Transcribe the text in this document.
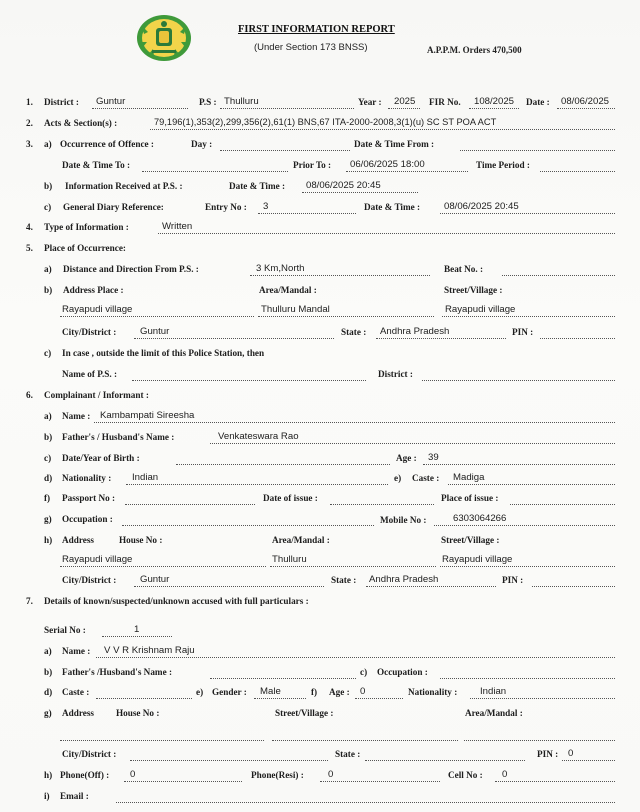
FIRST INFORMATION REPORT
(Under Section 173 BNSS)	A.P.P.M. Orders 470,500
1. District : Guntur	P.S : Thulluru	Year : 2025 FIR No. 108/2025 Date : 08/06/2025
2. Acts & Section(s) :	79,196(1),353(2),299,356(2),61(1) BNS,67 ITA-2000-2008,3(1)(u) SC ST POA ACT
3. a) Occurrence of Offence :	Day :	Date & Time From :
Date & Time To :	Prior To : 06/06/2025 18:00	Time Period :
b) Information Received at P.S. :	Date & Time : 08/06/2025 20:45
c) General Diary Reference:	Entry No : 3	Date & Time : 08/06/2025 20:45
4. Type of Information :	Written
5. Place of Occurrence:
a) Distance and Direction From P.S. :	3 Km,North	Beat No. :
b) Address Place :	Area/Mandal :	Street/Village :
Rayapudi village	Thulluru Mandal	Rayapudi village
City/District : Guntur	State : Andhra Pradesh	PIN :
c) In case , outside the limit of this Police Station, then
Name of P.S. :	District :
6. Complainant / Informant :
a) Name : Kambampati Sireesha
b) Father's / Husband's Name :	Venkateswara Rao
c) Date/Year of Birth :	Age : 39
d) Nationality : Indian	e) Caste : Madiga
f) Passport No :	Date of issue :	Place of issue :
g) Occupation :	Mobile No :	6303064266
h) Address	House No :	Area/Mandal :	Street/Village :
Rayapudi village	Thulluru	Rayapudi village
City/District : Guntur	State : Andhra Pradesh	PIN :
7. Details of known/suspected/unknown accused with full particulars :
Serial No :	1
a) Name : V V R Krishnam Raju
b) Father's /Husband's Name :	c) Occupation :
d) Caste :	e) Gender : Male	f) Age : 0	Nationality : Indian
g) Address House No :	Street/Village :	Area/Mandal :
City/District :	State :	PIN : 0
h) Phone(Off) : 0	Phone(Resi) :	0	Cell No : 0
i) Email :
